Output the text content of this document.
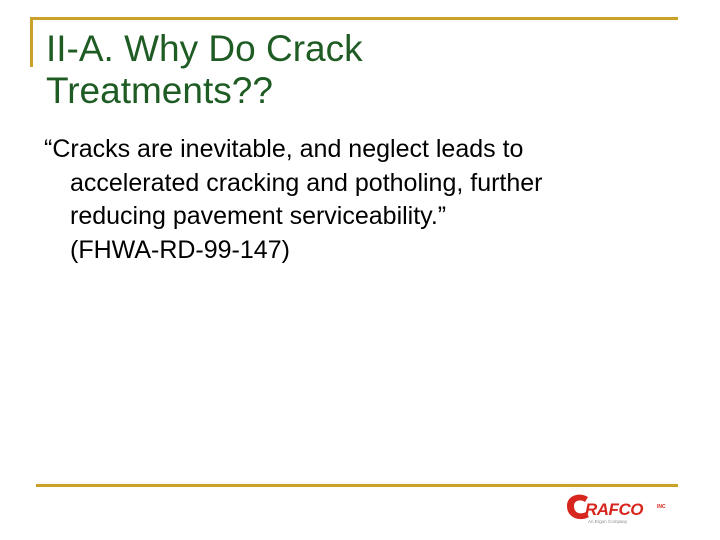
II-A. Why Do Crack
Treatments??
“Cracks are inevitable, and neglect leads to
accelerated cracking and potholing, further
reducing pavement serviceability.”
(FHWA-RD-99-147)
RAFCO	INC
An Ergon Company
